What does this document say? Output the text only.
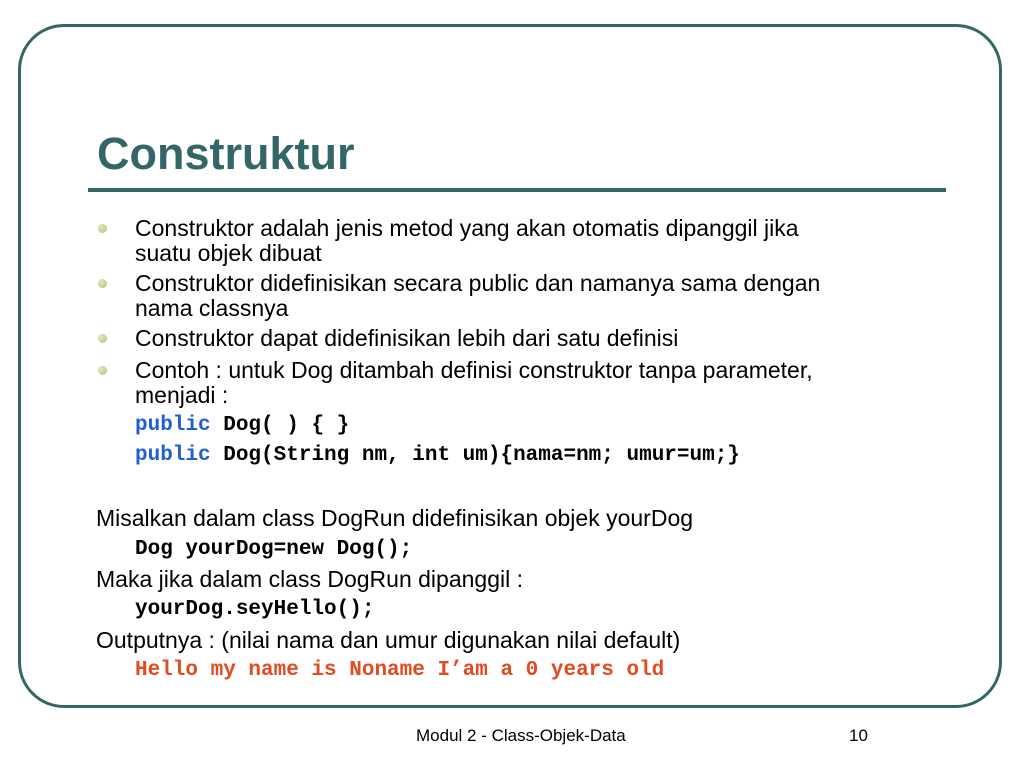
Construktur
Construktor adalah jenis metod yang akan otomatis dipanggil jika
suatu objek dibuat
Construktor didefinisikan secara public dan namanya sama dengan
nama classnya
Construktor dapat didefinisikan lebih dari satu definisi
Contoh : untuk Dog ditambah definisi construktor tanpa parameter,
menjadi :
public Dog( ) { }
public Dog(String nm, int um){nama=nm; umur=um;}
Misalkan dalam class DogRun didefinisikan objek yourDog
Dog yourDog=new Dog();
Maka jika dalam class DogRun dipanggil :
yourDog.seyHello();
Outputnya : (nilai nama dan umur digunakan nilai default)
Hello my name is Noname I’am a 0 years old
Modul 2 - Class-Objek-Data	10
